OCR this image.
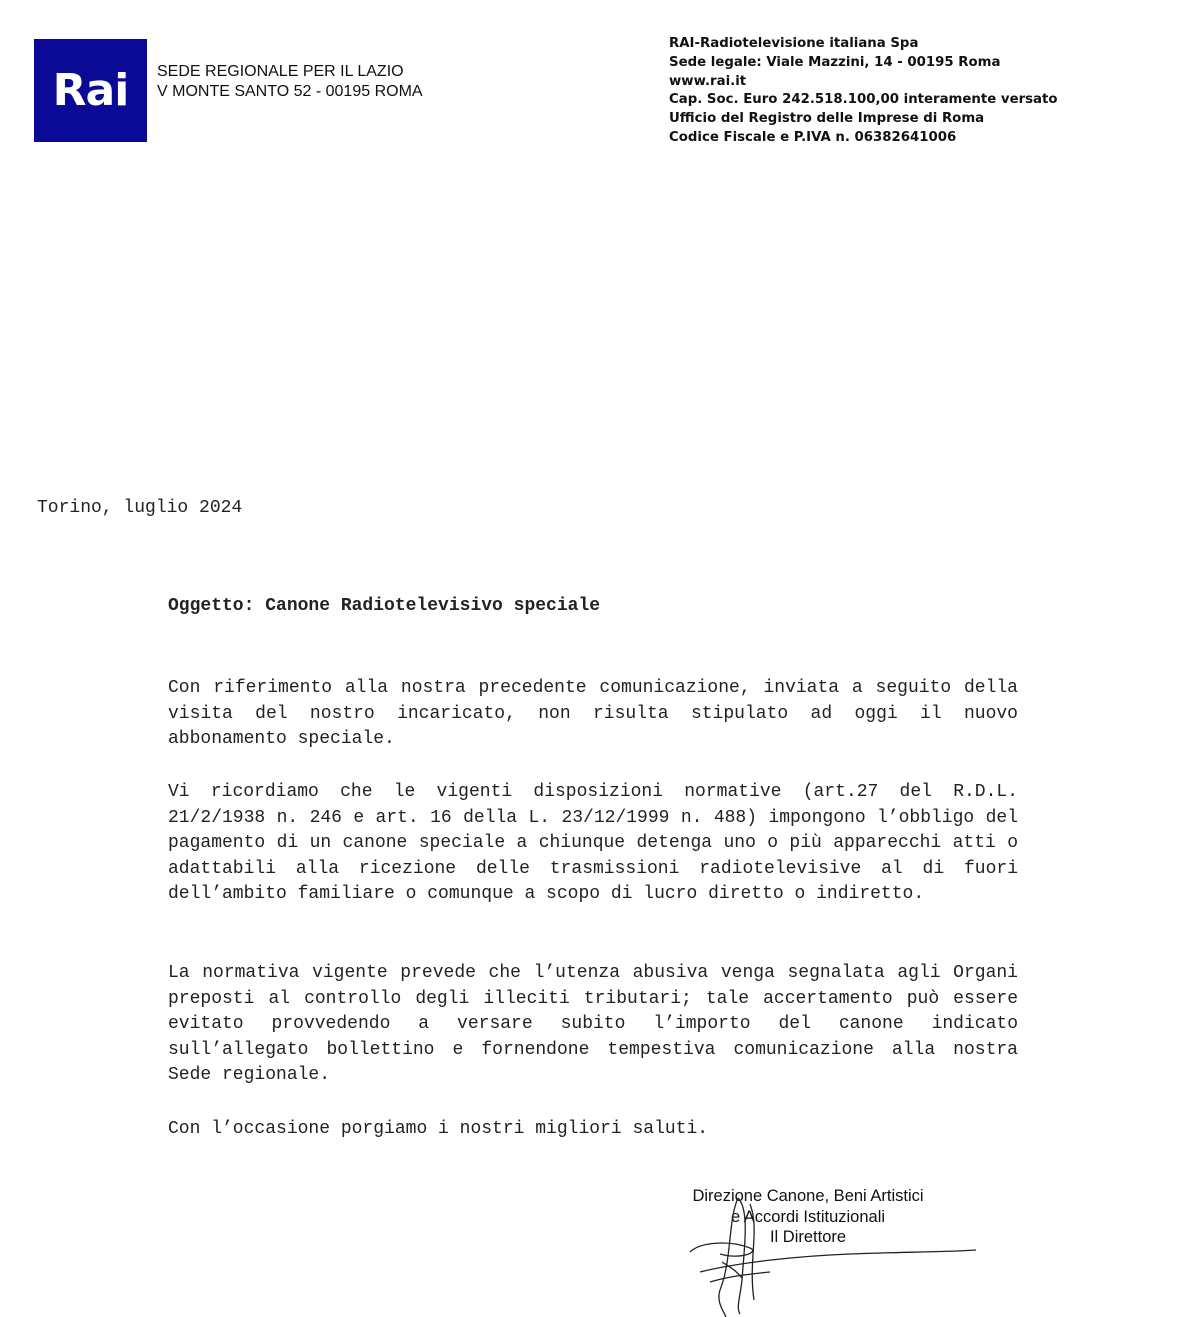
Rai SEDE REGIONALE PER IL LAZIO
V MONTE SANTO 52 - 00195 ROMA
RAI-Radiotelevisione italiana Spa
Sede legale: Viale Mazzini, 14 - 00195 Roma
www.rai.it
Cap. Soc. Euro 242.518.100,00 interamente versato
Ufficio del Registro delle Imprese di Roma
Codice Fiscale e P.IVA n. 06382641006
Torino, luglio 2024
Oggetto: Canone Radiotelevisivo speciale
Con riferimento alla nostra precedente comunicazione, inviata a seguito della visita del nostro incaricato, non risulta stipulato ad oggi il nuovo abbonamento speciale.
Vi ricordiamo che le vigenti disposizioni normative (art.27 del R.D.L. 21/2/1938 n. 246 e art. 16 della L. 23/12/1999 n. 488) impongono l’obbligo del pagamento di un canone speciale a chiunque detenga uno o più apparecchi atti o adattabili alla ricezione delle trasmissioni radiotelevisive al di fuori dell’ambito familiare o comunque a scopo di lucro diretto o indiretto.
La normativa vigente prevede che l’utenza abusiva venga segnalata agli Organi preposti al controllo degli illeciti tributari; tale accertamento può essere evitato provvedendo a versare subito l’importo del canone indicato sull’allegato bollettino e fornendone tempestiva comunicazione alla nostra Sede regionale.
Con l’occasione porgiamo i nostri migliori saluti.
Direzione Canone, Beni Artistici
e Accordi Istituzionali
Il Direttore
